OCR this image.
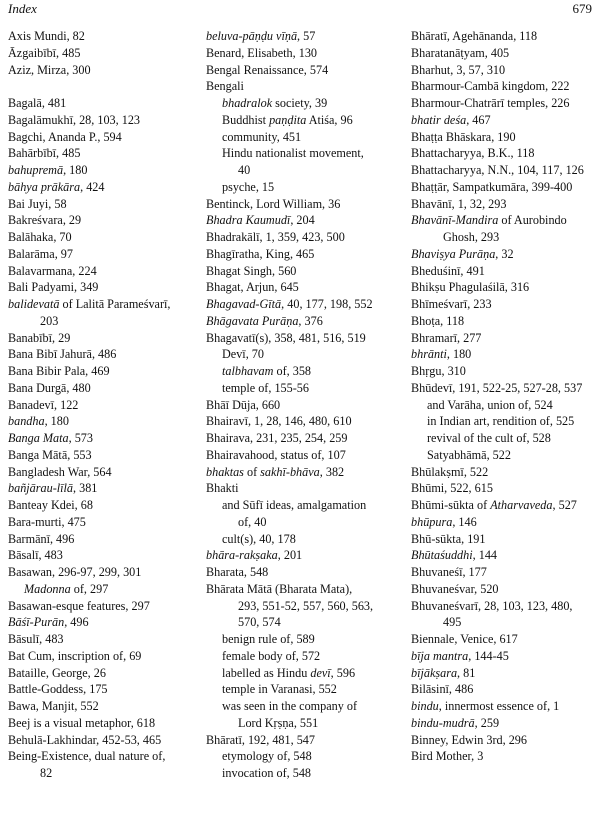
Index	679
Axis Mundi, 82
Āzgaibībī, 485
Aziz, Mirza, 300
Bagalā, 481
Bagalāmukhī, 28, 103, 123
Bagchi, Ananda P., 594
Bahārbībī, 485
bahupremā, 180
bāhya prākāra, 424
Bai Juyi, 58
Bakreśvara, 29
Balāhaka, 70
Balarāma, 97
Balavarmana, 224
Bali Padyami, 349
balidevatā of Lalitā Parameśvarī,
203
Banabībī, 29
Bana Bibī Jahurā, 486
Bana Bibir Pala, 469
Bana Durgā, 480
Banadevī, 122
bandha, 180
Banga Mata, 573
Banga Mātā, 553
Bangladesh War, 564
bañjārau-līlā, 381
Banteay Kdei, 68
Bara-murti, 475
Barmānī, 496
Bāsalī, 483
Basawan, 296-97, 299, 301
Madonna of, 297
Basawan-esque features, 297
Bāśī-Purān, 496
Bāsulī, 483
Bat Cum, inscription of, 69
Bataille, George, 26
Battle-Goddess, 175
Bawa, Manjit, 552
Beej is a visual metaphor, 618
Behulā-Lakhindar, 452-53, 465
Being-Existence, dual nature of,
82
beluva-pāṇḍu vīṇā, 57
Benard, Elisabeth, 130
Bengal Renaissance, 574
Bengali
bhadralok society, 39
Buddhist paṇḍita Atiśa, 96
community, 451
Hindu nationalist movement,
40
psyche, 15
Bentinck, Lord William, 36
Bhadra Kaumudī, 204
Bhadrakālī, 1, 359, 423, 500
Bhagīratha, King, 465
Bhagat Singh, 560
Bhagat, Arjun, 645
Bhagavad-Gītā, 40, 177, 198, 552
Bhāgavata Purāṇa, 376
Bhagavatī(s), 358, 481, 516, 519
Devī, 70
talbhavam of, 358
temple of, 155-56
Bhāī Dūja, 660
Bhairavī, 1, 28, 146, 480, 610
Bhairava, 231, 235, 254, 259
Bhairavahood, status of, 107
bhaktas of sakhī-bhāva, 382
Bhakti
and Sūfī ideas, amalgamation
of, 40
cult(s), 40, 178
bhāra-rakṣaka, 201
Bharata, 548
Bhārata Mātā (Bharata Mata),
293, 551-52, 557, 560, 563,
570, 574
benign rule of, 589
female body of, 572
labelled as Hindu devī, 596
temple in Varanasi, 552
was seen in the company of
Lord Kṛṣṇa, 551
Bhāratī, 192, 481, 547
etymology of, 548
invocation of, 548
Bhāratī, Agehānanda, 118
Bharatanāṭyam, 405
Bharhut, 3, 57, 310
Bharmour-Cambā kingdom, 222
Bharmour-Chatrārī temples, 226
bhatir deśa, 467
Bhaṭṭa Bhāskara, 190
Bhattacharyya, B.K., 118
Bhattacharyya, N.N., 104, 117, 126
Bhaṭṭār, Sampatkumāra, 399-400
Bhavānī, 1, 32, 293
Bhavānī-Mandira of Aurobindo
Ghosh, 293
Bhaviṣya Purāṇa, 32
Bheduśinī, 491
Bhikṣu Phagulaśilā, 316
Bhīmeśvarī, 233
Bhoṭa, 118
Bhramarī, 277
bhrānti, 180
Bhṛgu, 310
Bhūdevī, 191, 522-25, 527-28, 537
and Varāha, union of, 524
in Indian art, rendition of, 525
revival of the cult of, 528
Satyabhāmā, 522
Bhūlakṣmī, 522
Bhūmi, 522, 615
Bhūmi-sūkta of Atharvaveda, 527
bhūpura, 146
Bhū-sūkta, 191
Bhūtaśuddhi, 144
Bhuvaneśī, 177
Bhuvaneśvar, 520
Bhuvaneśvarī, 28, 103, 123, 480,
495
Biennale, Venice, 617
bīja mantra, 144-45
bījākṣara, 81
Bilāsinī, 486
bindu, innermost essence of, 1
bindu-mudrā, 259
Binney, Edwin 3rd, 296
Bird Mother, 3
